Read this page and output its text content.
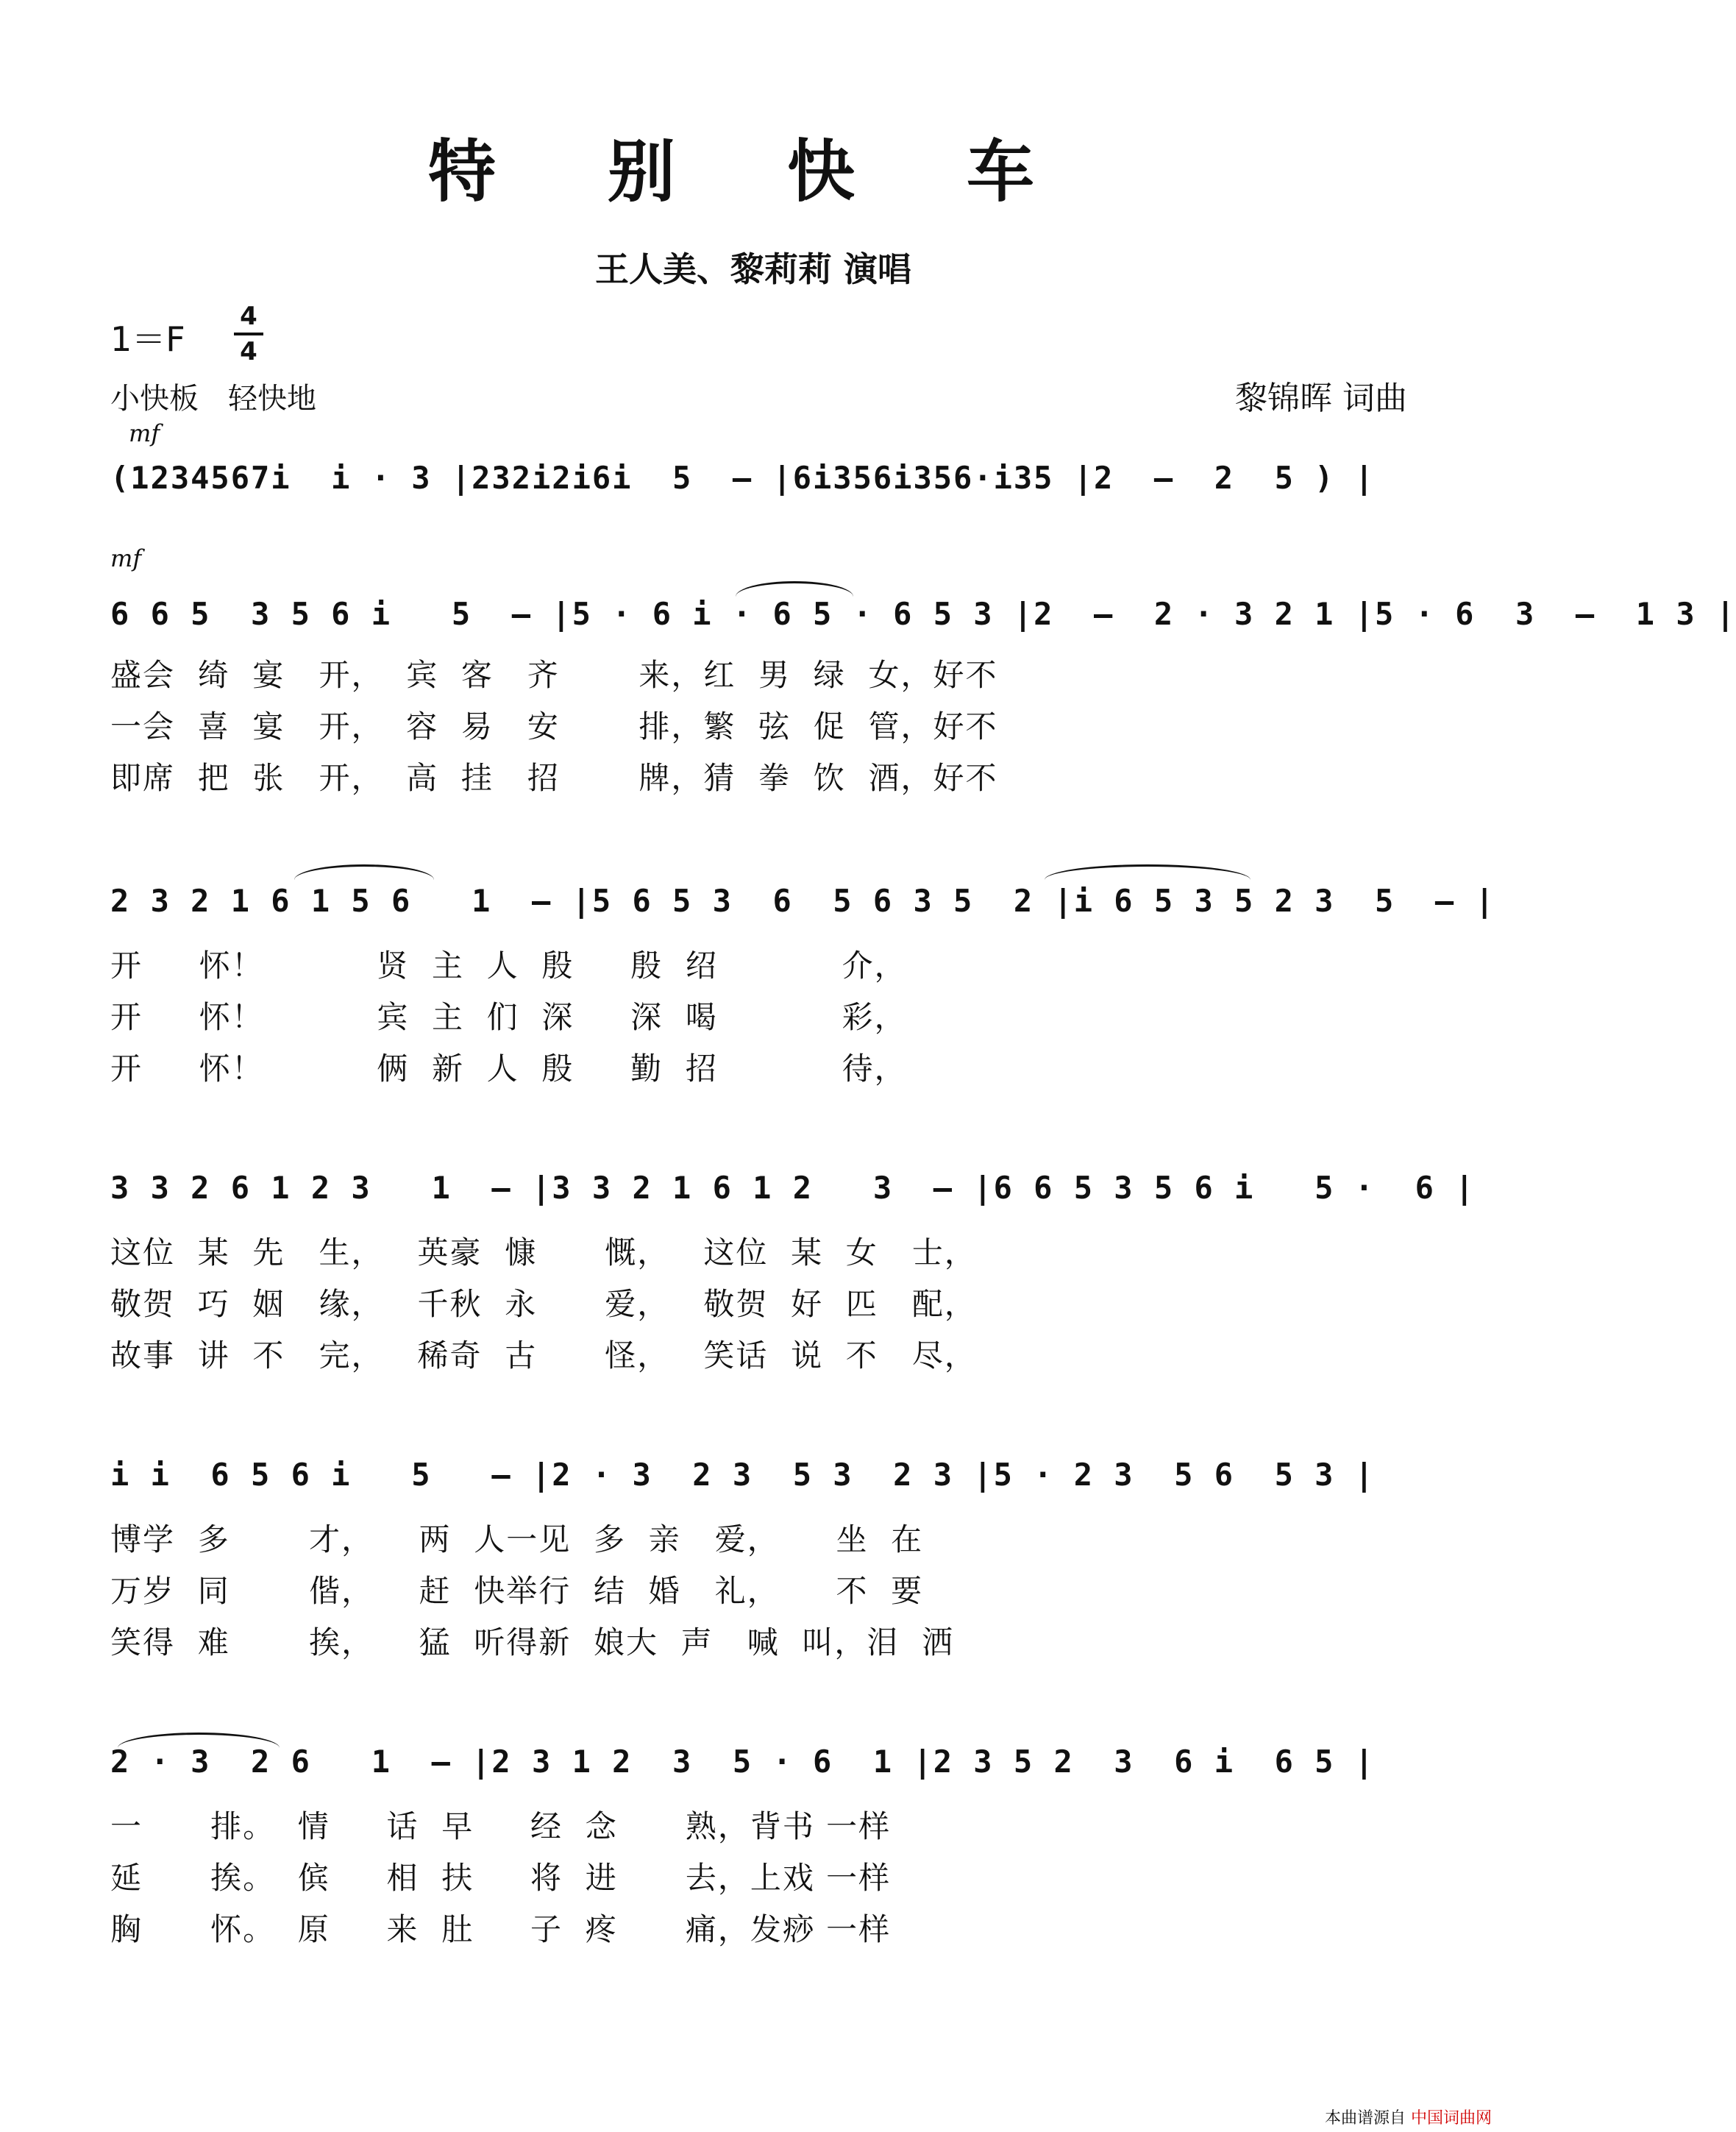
特 别 快 车
王人美、黎莉莉 演唱
1＝F
4
4
小快板　轻快地	黎锦晖 词曲
mf
(1234567i  i · 3 |232i2i6i  5  – |6i356i356·i35 |2  –  2  5 ) |
mf
6 6 5  3 5 6 i   5  – |5 · 6 i · 6 5 · 6 5 3 |2  –  2 · 3 2 1 |5 · 6  3  –  1 3 |
盛会  绮  宴   开，  宾  客   齐       来，红  男  绿  女，好不
一会  喜  宴   开，  容  易   安       排，繁  弦  促  管，好不
即席  把  张   开，  高  挂   招       牌，猜  拳  饮  酒，好不
2 3 2 1 6 1 5 6   1  – |5 6 5 3  6  5 6 3 5  2 |i 6 5 3 5 2 3  5  – |
开     怀！          贤  主  人  殷     殷  绍           介，
开     怀！          宾  主  们  深     深  喝           彩，
开     怀！          俩  新  人  殷     勤  招           待，
3 3 2 6 1 2 3   1  – |3 3 2 1 6 1 2   3  – |6 6 5 3 5 6 i   5 ·  6 |
这位  某  先   生，   英豪  慷      慨，   这位  某  女   士，
敬贺  巧  姻   缘，   千秋  永      爱，   敬贺  好  匹   配，
故事  讲  不   完，   稀奇  古      怪，   笑话  说  不   尽，
i i  6 5 6 i   5   – |2 · 3  2 3  5 3  2 3 |5 · 2 3  5 6  5 3 |
博学  多       才，    两  人一见  多  亲   爱，     坐  在
万岁  同       偕，    赶  快举行  结  婚   礼，     不  要
笑得  难       挨，    猛  听得新  娘大  声   喊  叫，泪  洒
2 · 3  2 6   1  – |2 3 1 2  3  5 · 6  1 |2 3 5 2  3  6 i  6 5 |
一      排。  情     话  早     经  念      熟，背书 一样
延      挨。  傧     相  扶     将  进      去，上戏 一样
胸      怀。  原     来  肚     子  疼      痛，发痧 一样
本曲谱源自 中国词曲网
